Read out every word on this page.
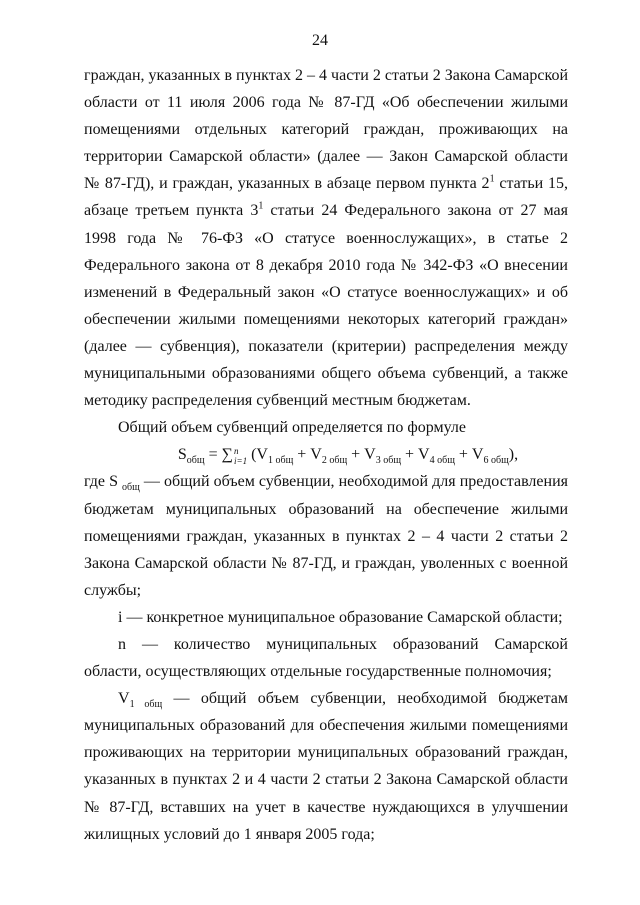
24

граждан, указанных в пунктах 2 – 4 части 2 статьи 2 Закона Самарской области от 11 июля 2006 года № 87-ГД «Об обеспечении жилыми помещениями отдельных категорий граждан, проживающих на территории Самарской области» (далее — Закон Самарской области № 87-ГД), и граждан, указанных в абзаце первом пункта $2^1$ статьи 15, абзаце третьем пункта $3^1$ статьи 24 Федерального закона от 27 мая 1998 года № 76-ФЗ «О статусе военнослужащих», в статье 2 Федерального закона от 8 декабря 2010 года № 342-ФЗ «О внесении изменений в Федеральный закон «О статусе военнослужащих» и об обеспечении жилыми помещениями некоторых категорий граждан» (далее — субвенция), показатели (критерии) распределения между муниципальными образованиями общего объема субвенций, а также методику распределения субвенций местным бюджетам.

Общий объем субвенций определяется по формуле

$S_{общ}$ = ∑ n
i=1 $(V_{1 общ} + V_{2 общ} + V_{3 общ} + V_{4 общ} + V_{6 общ})$,

где S $_{общ}$ — общий объем субвенции, необходимой для предоставления бюджетам муниципальных образований на обеспечение жилыми помещениями граждан, указанных в пунктах 2 – 4 части 2 статьи 2 Закона Самарской области № 87-ГД, и граждан, уволенных с военной службы;

i — конкретное муниципальное образование Самарской области;

n — количество муниципальных образований Самарской области, осуществляющих отдельные государственные полномочия;

$V_{1 общ}$ — общий объем субвенции, необходимой бюджетам муниципальных образований для обеспечения жилыми помещениями проживающих на территории муниципальных образований граждан, указанных в пунктах 2 и 4 части 2 статьи 2 Закона Самарской области № 87-ГД, вставших на учет в качестве нуждающихся в улучшении жилищных условий до 1 января 2005 года;
